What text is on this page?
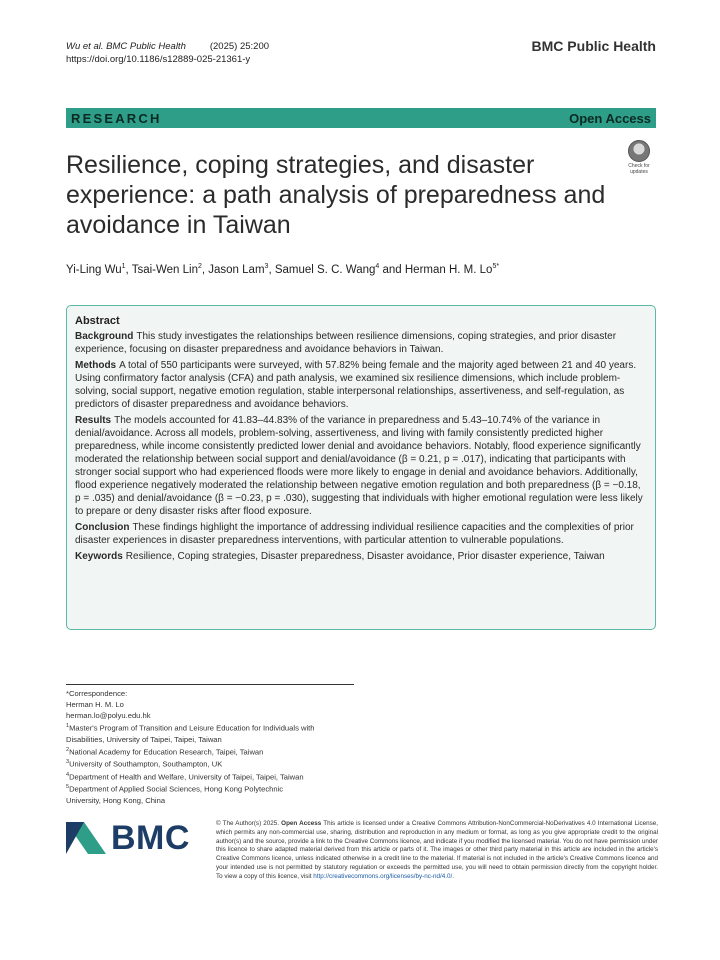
Wu et al. BMC Public Health	(2025) 25:200
https://doi.org/10.1186/s12889-025-21361-y
BMC Public Health
RESEARCH	Open Access
Resilience, coping strategies, and disaster experience: a path analysis of preparedness and avoidance in Taiwan
Check for updates
Yi-Ling Wu$^1$, Tsai-Wen Lin$^2$, Jason Lam$^3$, Samuel S. C. Wang$^4$ and Herman H. M. $Lo^{5*}$
Abstract

Background This study investigates the relationships between resilience dimensions, coping strategies, and prior disaster experience, focusing on disaster preparedness and avoidance behaviors in Taiwan.

Methods A total of 550 participants were surveyed, with 57.82% being female and the majority aged between 21 and 40 years. Using confirmatory factor analysis (CFA) and path analysis, we examined six resilience dimensions, which include problem-solving, social support, negative emotion regulation, stable interpersonal relationships, assertiveness, and self-regulation, as predictors of disaster preparedness and avoidance behaviors.

Results The models accounted for 41.83–44.83% of the variance in preparedness and 5.43–10.74% of the variance in denial/avoidance. Across all models, problem-solving, assertiveness, and living with family consistently predicted higher preparedness, while income consistently predicted lower denial and avoidance behaviors. Notably, flood experience significantly moderated the relationship between social support and denial/avoidance (β = 0.21, p = .017), indicating that participants with stronger social support who had experienced floods were more likely to engage in denial and avoidance behaviors. Additionally, flood experience negatively moderated the relationship between negative emotion regulation and both preparedness (β = −0.18, p = .035) and denial/avoidance (β = −0.23, p = .030), suggesting that individuals with higher emotional regulation were less likely to prepare or deny disaster risks after flood exposure.

Conclusion These findings highlight the importance of addressing individual resilience capacities and the complexities of prior disaster experiences in disaster preparedness interventions, with particular attention to vulnerable populations.

Keywords Resilience, Coping strategies, Disaster preparedness, Disaster avoidance, Prior disaster experience, Taiwan

*Correspondence:
Herman H. M. Lo
herman.lo@polyu.edu.hk
$^1$Master's Program of Transition and Leisure Education for Individuals with
Disabilities, University of Taipei, Taipei, Taiwan
$^2$National Academy for Education Research, Taipei, Taiwan
$^3$University of Southampton, Southampton, UK
$^4$Department of Health and Welfare, University of Taipei, Taipei, Taiwan
$^5$Department of Applied Social Sciences, Hong Kong Polytechnic
University, Hong Kong, China
BMC	© The Author(s) 2025. Open Access This article is licensed under a Creative Commons Attribution-NonCommercial-NoDerivatives 4.0 International License, which permits any non-commercial use, sharing, distribution and reproduction in any medium or format, as long as you give appropriate credit to the original author(s) and the source, provide a link to the Creative Commons licence, and indicate if you modified the licensed material. You do not have permission under this licence to share adapted material derived from this article or parts of it. The images or other third party material in this article are included in the article's Creative Commons licence, unless indicated otherwise in a credit line to the material. If material is not included in the article's Creative Commons licence and your intended use is not permitted by statutory regulation or exceeds the permitted use, you will need to obtain permission directly from the copyright holder. To view a copy of this licence, visit http://creativecommons.org/licenses/by-nc-nd/4.0/.
